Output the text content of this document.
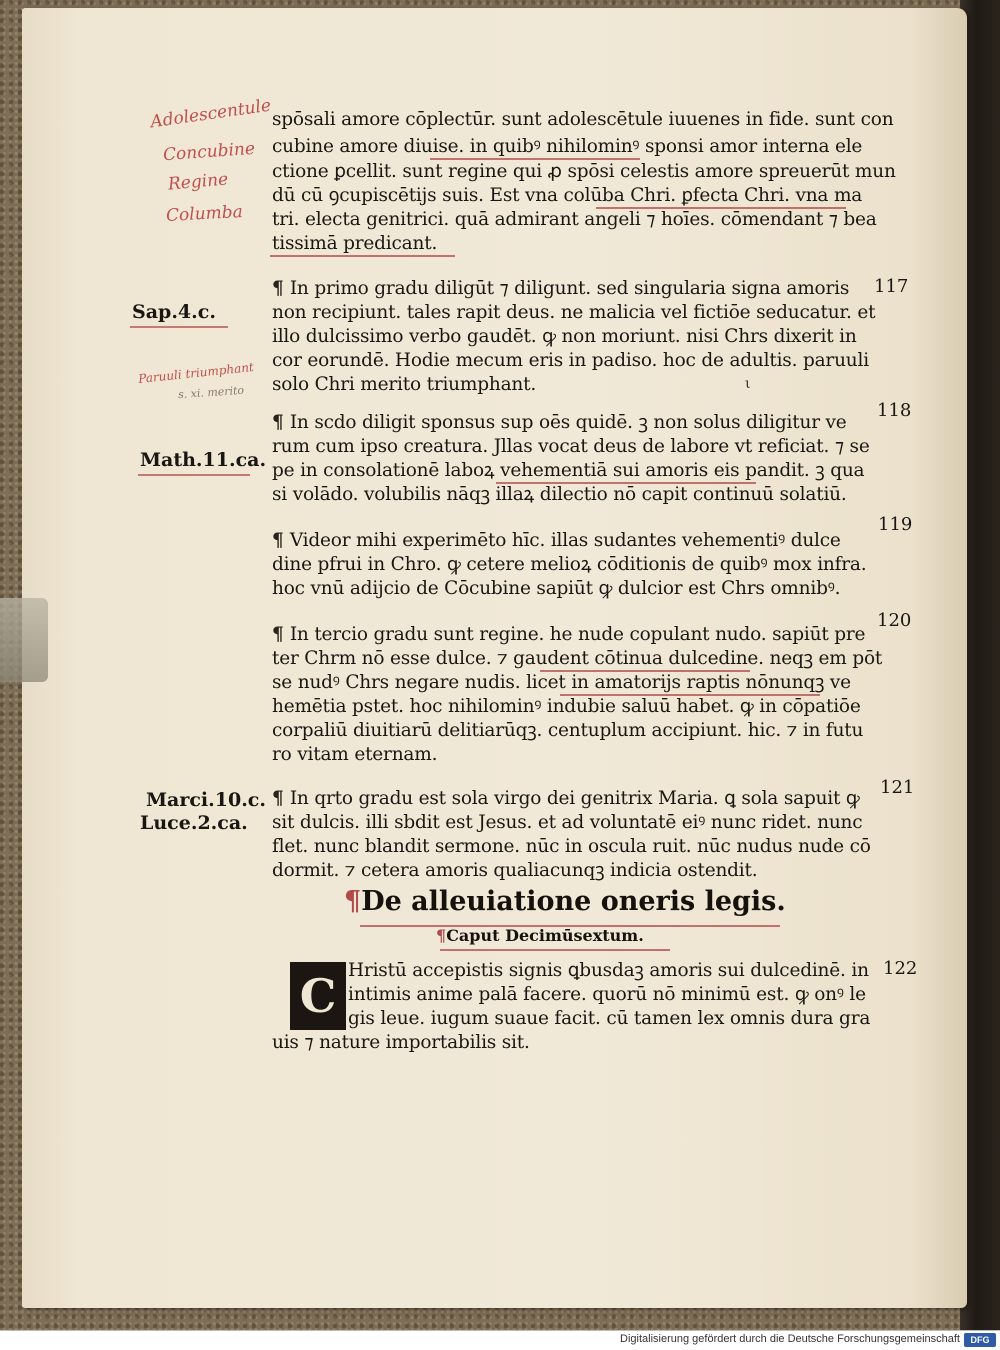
Adolescentule
Concubine
Regine
Columba
Paruuli triumphant
s. xi. merito
Sap.4.c.
Math.11.ca.
Marci.10.c.
Luce.2.ca.
117
118
119
120
121
122
spōsali amore cōplectūr. sunt adolescētule iuuenes in fide. sunt con
cubine amore diuise. in quibꝰ nihilominꝰ sponsi amor interna ele
ctione ꝑcellit. sunt regine qui ꝓ spōsi celestis amore spreuerūt mun
dū cū ꝯcupiscētijs suis. Est vna colūba Chri. ꝑfecta Chri. vna ma
tri. electa genitrici. quā admirant angeli ⁊ hoīes. cōmendant ⁊ bea
tissimā predicant.
¶ In primo gradu diligūt ⁊ diligunt. sed singularia signa amoris
non recipiunt. tales rapit deus. ne malicia vel fictiōe seducatur. et
illo dulcissimo verbo gaudēt. ꝙ non moriunt. nisi Chrs dixerit in
cor eorundē. Hodie mecum eris in padiso. hoc de adultis. paruuli
solo Chri merito triumphant.	ι
¶ In scdo diligit sponsus sup oēs quidē. ꝫ non solus diligitur ve
rum cum ipso creatura. Jllas vocat deus de labore vt reficiat. ⁊ se
pe in consolationē laboꝝ vehementiā sui amoris eis pandit. ꝫ qua
si volādo. volubilis nāqꝫ illaꝝ dilectio nō capit continuū solatiū.
¶ Videor mihi experimēto hīc. illas sudantes vehementiꝰ dulce
dine pfrui in Chro. ꝙ cetere melioꝝ cōditionis de quibꝰ mox infra.
hoc vnū adijcio de Cōcubine sapiūt ꝙ dulcior est Chrs omnibꝰ.
¶ In tercio gradu sunt regine. he nude copulant nudo. sapiūt pre
ter Chrm nō esse dulce. ⁊ gaudent cōtinua dulcedine. neqꝫ em pōt
se nudꝰ Chrs negare nudis. licet in amatorijs raptis nōnunqꝫ ve
hemētia pstet. hoc nihilominꝰ indubie saluū habet. ꝙ in cōpatiōe
corpaliū diuitiarū delitiarūqꝫ. centuplum accipiunt. hic. ⁊ in futu
ro vitam eternam.
¶ In qrto gradu est sola virgo dei genitrix Maria. ꝗ sola sapuit ꝙ
sit dulcis. illi sbdit est Jesus. et ad voluntatē eiꝰ nunc ridet. nunc
flet. nunc blandit sermone. nūc in oscula ruit. nūc nudus nude cō
dormit. ⁊ cetera amoris qualiacunqꝫ indicia ostendit.
¶De alleuiatione oneris legis.
¶Caput Decimūsextum.
C Hristū accepistis signis ꝗbusdaꝫ amoris sui dulcedinē. in
intimis anime palā facere. quorū nō minimū est. ꝙ onꝰ le
gis leue. iugum suaue facit. cū tamen lex omnis dura gra
uis ⁊ nature importabilis sit.
Digitalisierung gefördert durch die Deutsche Forschungsgemeinschaft	DFG
